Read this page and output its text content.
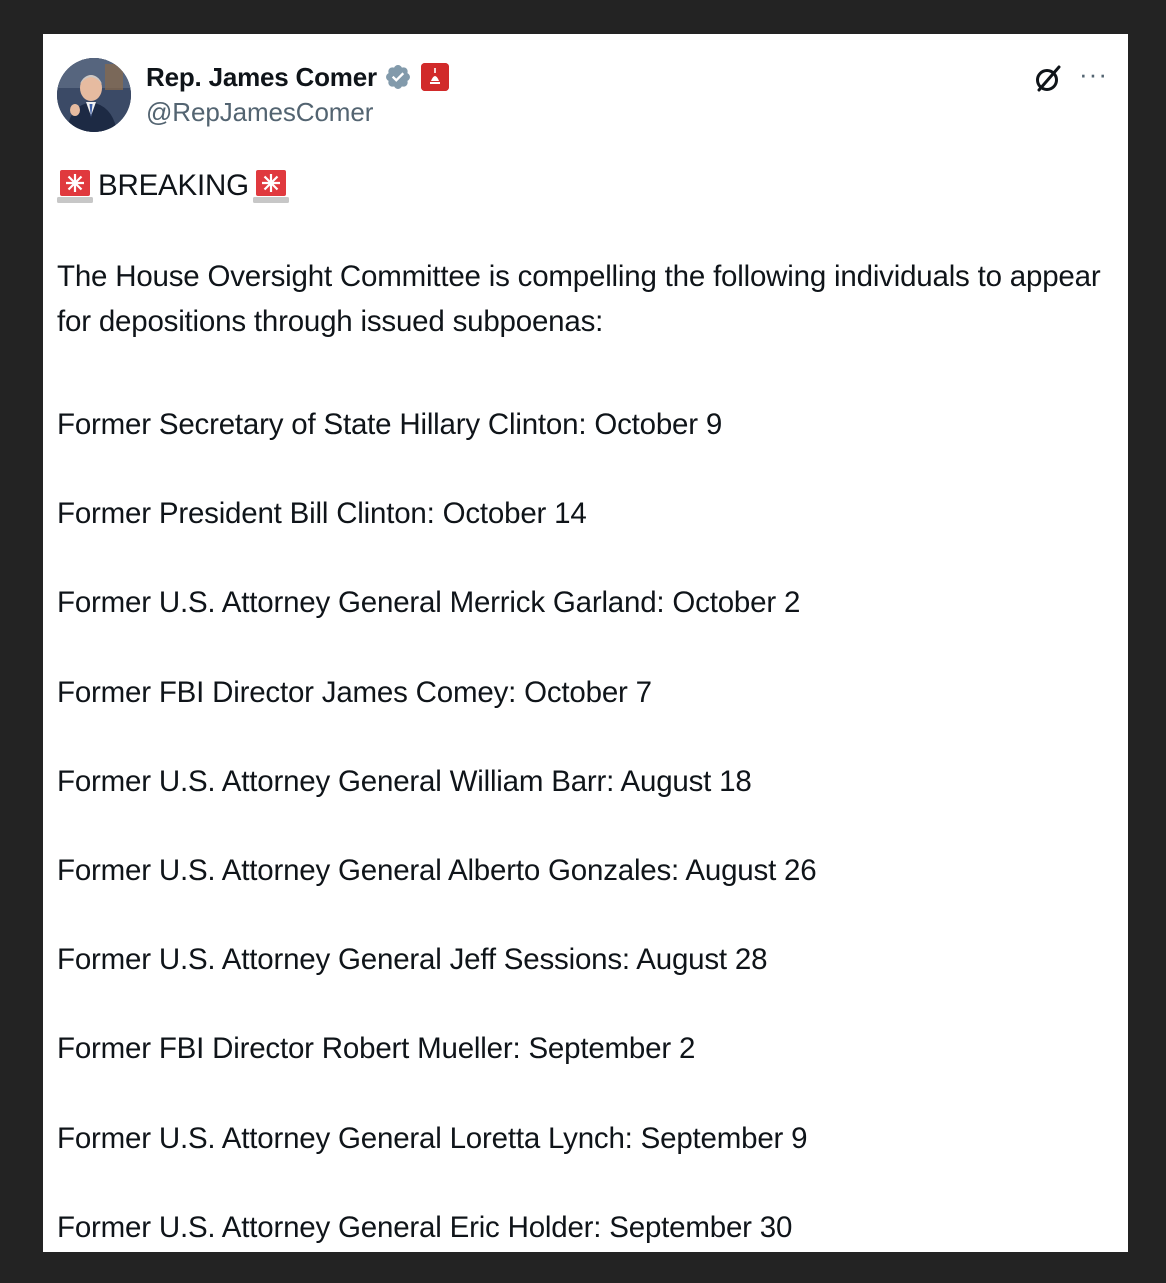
Rep. James Comer
@RepJamesComer
···
BREAKING

The House Oversight Committee is compelling the following individuals to appear for depositions through issued subpoenas:

Former Secretary of State Hillary Clinton: October 9
Former President Bill Clinton: October 14
Former U.S. Attorney General Merrick Garland: October 2
Former FBI Director James Comey: October 7
Former U.S. Attorney General William Barr: August 18
Former U.S. Attorney General Alberto Gonzales: August 26
Former U.S. Attorney General Jeff Sessions: August 28
Former FBI Director Robert Mueller: September 2
Former U.S. Attorney General Loretta Lynch: September 9
Former U.S. Attorney General Eric Holder: September 30
